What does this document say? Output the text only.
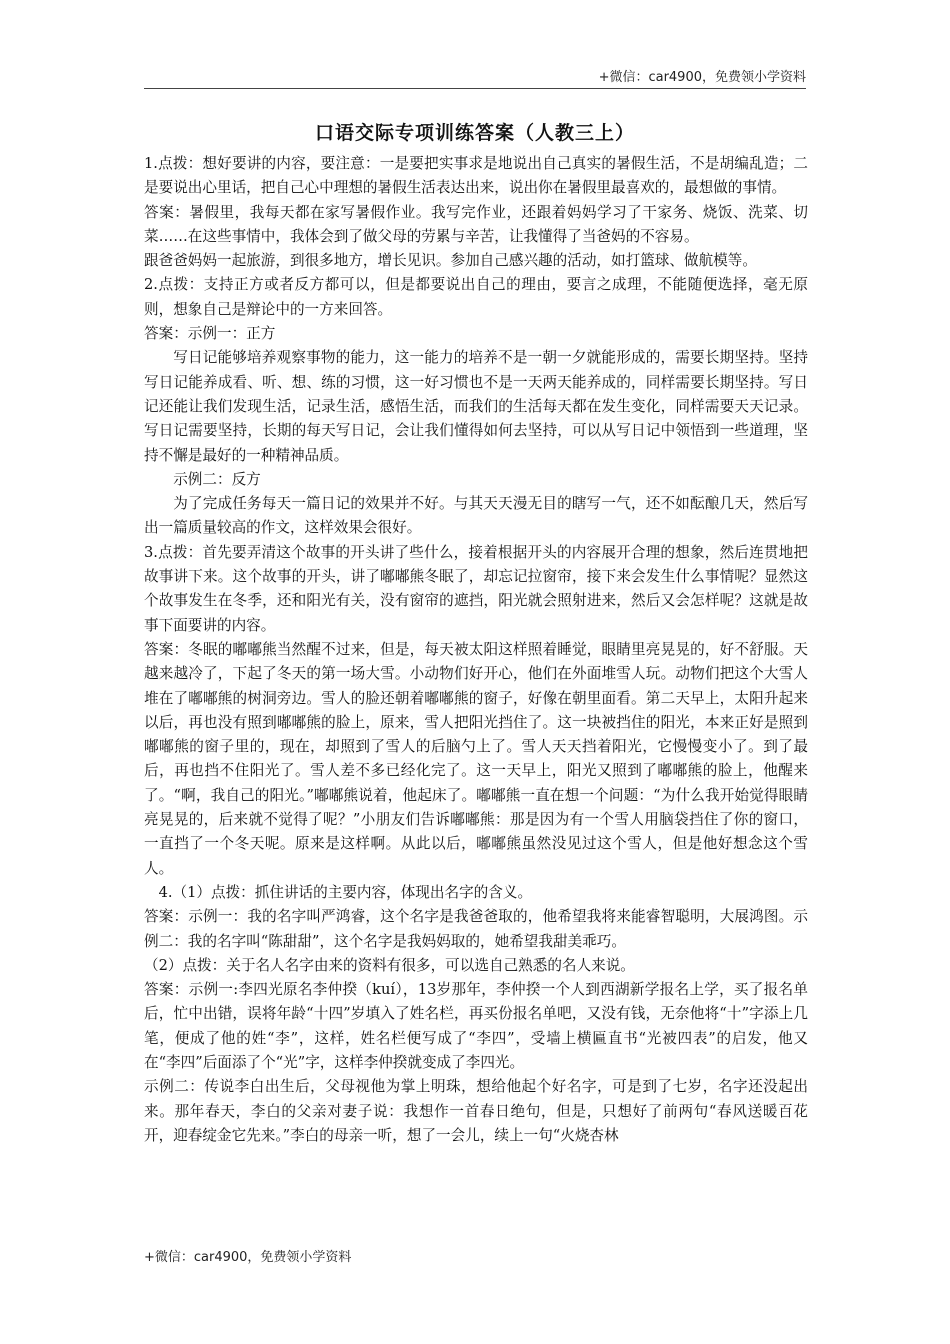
+微信：car4900，免费领小学资料
口语交际专项训练答案（人教三上）

1.点拨：想好要讲的内容，要注意：一是要把实事求是地说出自己真实的暑假生活，不是胡编乱造；二是要说出心里话，把自己心中理想的暑假生活表达出来，说出你在暑假里最喜欢的，最想做的事情。

答案：暑假里，我每天都在家写暑假作业。我写完作业，还跟着妈妈学习了干家务、烧饭、洗菜、切菜……在这些事情中，我体会到了做父母的劳累与辛苦，让我懂得了当爸妈的不容易。

跟爸爸妈妈一起旅游，到很多地方，增长见识。参加自己感兴趣的活动，如打篮球、做航模等。

2.点拨：支持正方或者反方都可以，但是都要说出自己的理由，要言之成理，不能随便选择，毫无原则，想象自己是辩论中的一方来回答。

答案：示例一：正方

写日记能够培养观察事物的能力，这一能力的培养不是一朝一夕就能形成的，需要长期坚持。坚持写日记能养成看、听、想、练的习惯，这一好习惯也不是一天两天能养成的，同样需要长期坚持。写日记还能让我们发现生活，记录生活，感悟生活，而我们的生活每天都在发生变化，同样需要天天记录。写日记需要坚持，长期的每天写日记，会让我们懂得如何去坚持，可以从写日记中领悟到一些道理，坚持不懈是最好的一种精神品质。

示例二：反方

为了完成任务每天一篇日记的效果并不好。与其天天漫无目的瞎写一气，还不如酝酿几天，然后写出一篇质量较高的作文，这样效果会很好。

3.点拨：首先要弄清这个故事的开头讲了些什么，接着根据开头的内容展开合理的想象，然后连贯地把故事讲下来。这个故事的开头，讲了嘟嘟熊冬眠了，却忘记拉窗帘，接下来会发生什么事情呢？显然这个故事发生在冬季，还和阳光有关，没有窗帘的遮挡，阳光就会照射进来，然后又会怎样呢？这就是故事下面要讲的内容。

答案：冬眠的嘟嘟熊当然醒不过来，但是，每天被太阳这样照着睡觉，眼睛里亮晃晃的，好不舒服。天越来越冷了，下起了冬天的第一场大雪。小动物们好开心，他们在外面堆雪人玩。动物们把这个大雪人堆在了嘟嘟熊的树洞旁边。雪人的脸还朝着嘟嘟熊的窗子，好像在朝里面看。第二天早上，太阳升起来以后，再也没有照到嘟嘟熊的脸上，原来，雪人把阳光挡住了。这一块被挡住的阳光，本来正好是照到嘟嘟熊的窗子里的，现在，却照到了雪人的后脑勺上了。雪人天天挡着阳光，它慢慢变小了。到了最后，再也挡不住阳光了。雪人差不多已经化完了。这一天早上，阳光又照到了嘟嘟熊的脸上，他醒来了。“啊，我自己的阳光。”嘟嘟熊说着，他起床了。嘟嘟熊一直在想一个问题：“为什么我开始觉得眼睛亮晃晃的，后来就不觉得了呢？”小朋友们告诉嘟嘟熊：那是因为有一个雪人用脑袋挡住了你的窗口，一直挡了一个冬天呢。原来是这样啊。从此以后，嘟嘟熊虽然没见过这个雪人，但是他好想念这个雪人。

4.（1）点拨：抓住讲话的主要内容，体现出名字的含义。

答案：示例一：我的名字叫严鸿睿，这个名字是我爸爸取的，他希望我将来能睿智聪明，大展鸿图。示例二：我的名字叫“陈甜甜”，这个名字是我妈妈取的，她希望我甜美乖巧。

（2）点拨：关于名人名字由来的资料有很多，可以选自己熟悉的名人来说。

答案：示例一:李四光原名李仲揆（kuí），13岁那年，李仲揆一个人到西湖新学报名上学，买了报名单后，忙中出错，误将年龄“十四”岁填入了姓名栏，再买份报名单吧，又没有钱，无奈他将“十”字添上几笔，便成了他的姓“李”，这样，姓名栏便写成了“李四”，受墙上横匾直书“光被四表”的启发，他又在“李四”后面添了个“光”字，这样李仲揆就变成了李四光。

示例二：传说李白出生后，父母视他为掌上明珠，想给他起个好名字，可是到了七岁，名字还没起出来。那年春天，李白的父亲对妻子说：我想作一首春日绝句，但是，只想好了前两句“春风送暖百花开，迎春绽金它先来。”李白的母亲一听，想了一会儿，续上一句“火烧杏林

+微信：car4900，免费领小学资料
